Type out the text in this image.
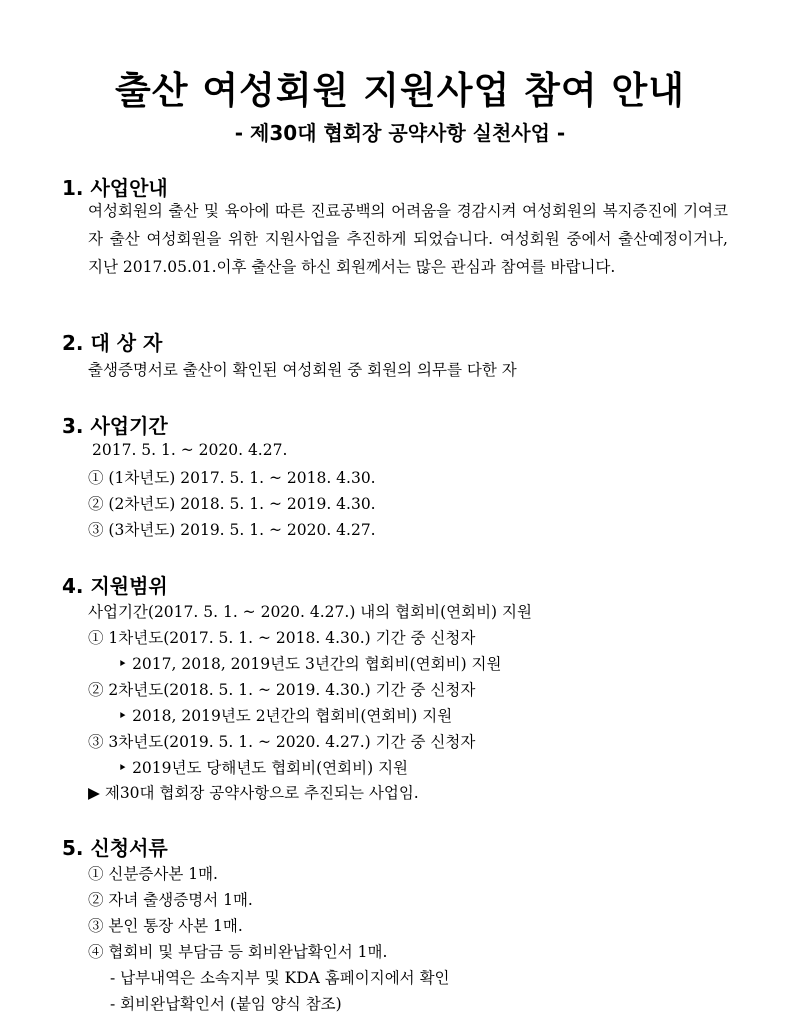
출산 여성회원 지원사업 참여 안내
- 제30대 협회장 공약사항 실천사업 -
1. 사업안내
여성회원의 출산 및 육아에 따른 진료공백의 어려움을 경감시켜 여성회원의 복지증진에 기여코자 출산 여성회원을 위한 지원사업을 추진하게 되었습니다. 여성회원 중에서 출산예정이거나, 지난 2017.05.01.이후 출산을 하신 회원께서는 많은 관심과 참여를 바랍니다.
2. 대 상 자
출생증명서로 출산이 확인된 여성회원 중 회원의 의무를 다한 자
3. 사업기간
2017. 5. 1. ~ 2020. 4.27.
① (1차년도) 2017. 5. 1. ~ 2018. 4.30.
② (2차년도) 2018. 5. 1. ~ 2019. 4.30.
③ (3차년도) 2019. 5. 1. ~ 2020. 4.27.
4. 지원범위
사업기간(2017. 5. 1. ~ 2020. 4.27.) 내의 협회비(연회비) 지원
① 1차년도(2017. 5. 1. ~ 2018. 4.30.) 기간 중 신청자
‣ 2017, 2018, 2019년도 3년간의 협회비(연회비) 지원
② 2차년도(2018. 5. 1. ~ 2019. 4.30.) 기간 중 신청자
‣ 2018, 2019년도 2년간의 협회비(연회비) 지원
③ 3차년도(2019. 5. 1. ~ 2020. 4.27.) 기간 중 신청자
‣ 2019년도 당해년도 협회비(연회비) 지원
▶ 제30대 협회장 공약사항으로 추진되는 사업임.
5. 신청서류
① 신분증사본 1매.
② 자녀 출생증명서 1매.
③ 본인 통장 사본 1매.
④ 협회비 및 부담금 등 회비완납확인서 1매.
- 납부내역은 소속지부 및 KDA 홈페이지에서 확인
- 회비완납확인서 (붙임 양식 참조)
